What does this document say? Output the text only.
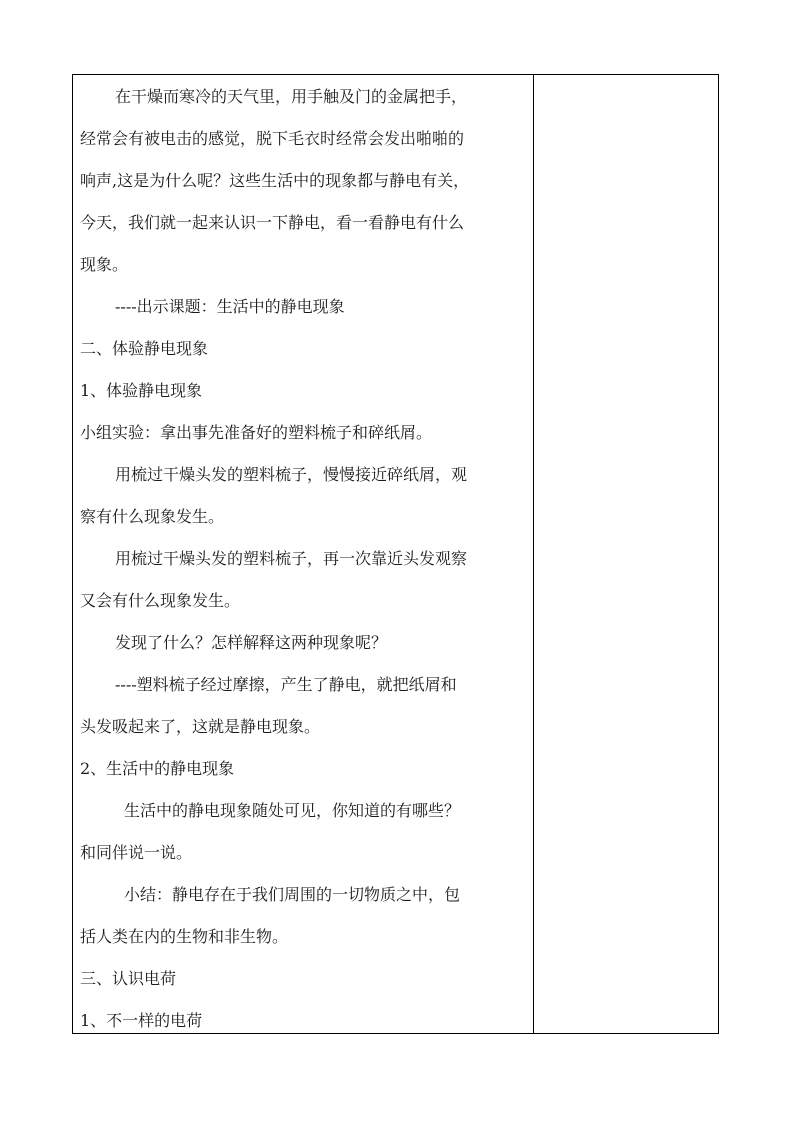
在干燥而寒冷的天气里，用手触及门的金属把手，
经常会有被电击的感觉，脱下毛衣时经常会发出啪啪的
响声,这是为什么呢？这些生活中的现象都与静电有关，
今天，我们就一起来认识一下静电，看一看静电有什么
现象。
----出示课题：生活中的静电现象
二、体验静电现象
1、体验静电现象
小组实验：拿出事先准备好的塑料梳子和碎纸屑。
用梳过干燥头发的塑料梳子，慢慢接近碎纸屑，观
察有什么现象发生。
用梳过干燥头发的塑料梳子，再一次靠近头发观察
又会有什么现象发生。
发现了什么？怎样解释这两种现象呢？
----塑料梳子经过摩擦，产生了静电，就把纸屑和
头发吸起来了，这就是静电现象。
2、生活中的静电现象
生活中的静电现象随处可见，你知道的有哪些？
和同伴说一说。
小结：静电存在于我们周围的一切物质之中，包
括人类在内的生物和非生物。
三、认识电荷
1、不一样的电荷
